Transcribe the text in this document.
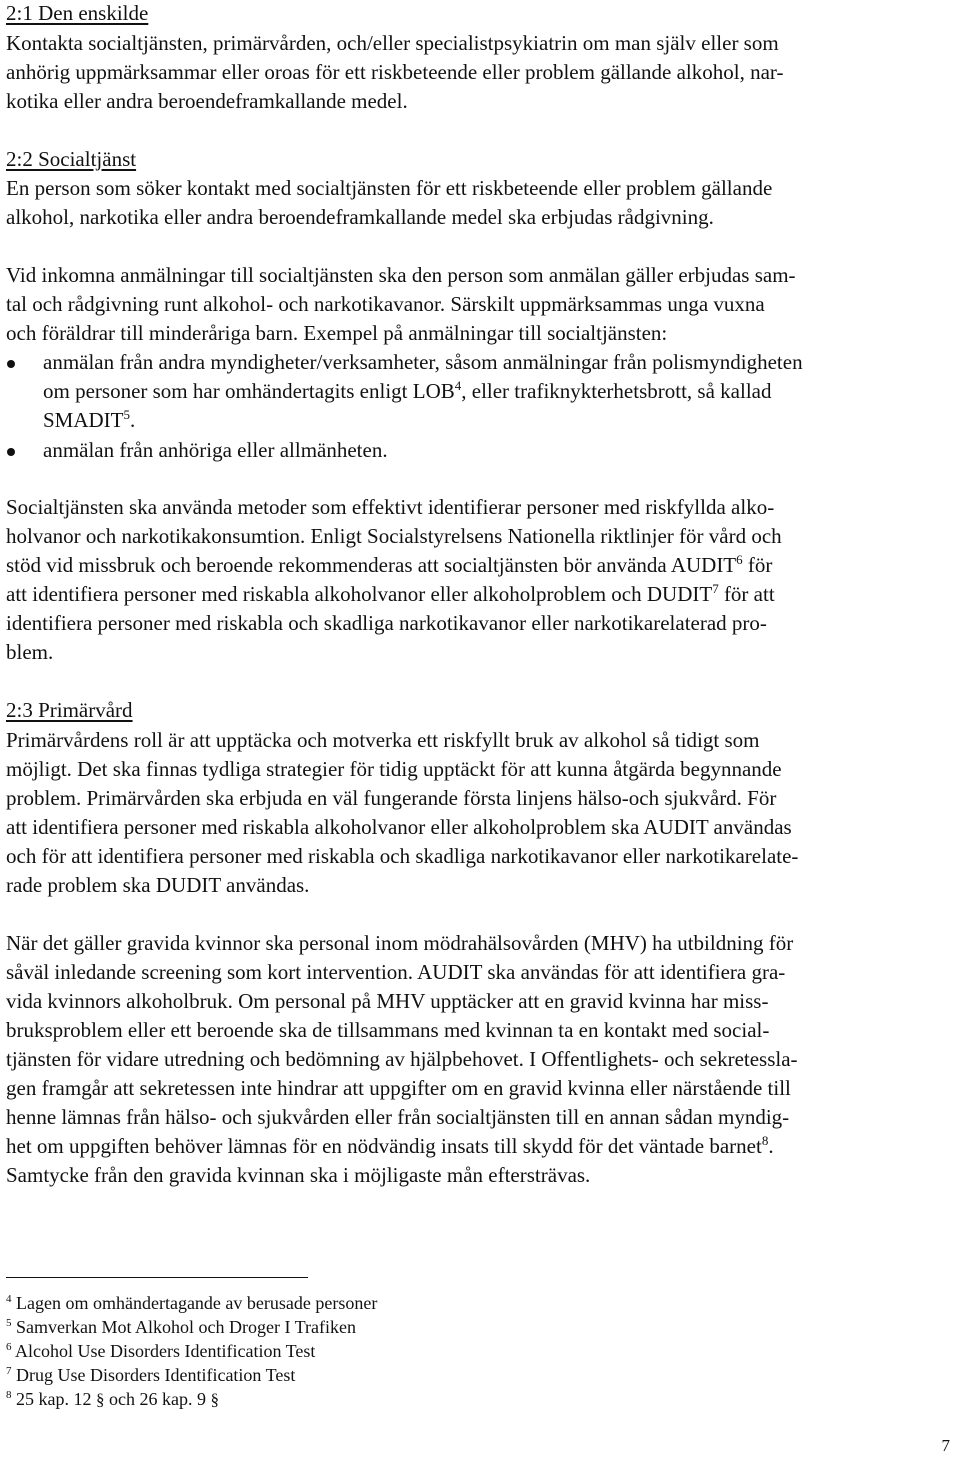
2:1 Den enskilde
Kontakta socialtjänsten, primärvården, och/eller specialistpsykiatrin om man själv eller som
anhörig uppmärksammar eller oroas för ett riskbeteende eller problem gällande alkohol, nar-
kotika eller andra beroendeframkallande medel.
2:2 Socialtjänst
En person som söker kontakt med socialtjänsten för ett riskbeteende eller problem gällande
alkohol, narkotika eller andra beroendeframkallande medel ska erbjudas rådgivning.
Vid inkomna anmälningar till socialtjänsten ska den person som anmälan gäller erbjudas sam-
tal och rådgivning runt alkohol- och narkotikavanor. Särskilt uppmärksammas unga vuxna
och föräldrar till minderåriga barn. Exempel på anmälningar till socialtjänsten:
anmälan från andra myndigheter/verksamheter, såsom anmälningar från polismyndigheten
om personer som har omhändertagits enligt LOB$^4$, eller trafiknykterhetsbrott, så kallad
SMADIT$^5$.
anmälan från anhöriga eller allmänheten.
Socialtjänsten ska använda metoder som effektivt identifierar personer med riskfyllda alko-
holvanor och narkotikakonsumtion. Enligt Socialstyrelsens Nationella riktlinjer för vård och
stöd vid missbruk och beroende rekommenderas att socialtjänsten bör använda AUDIT$^6$ för
att identifiera personer med riskabla alkoholvanor eller alkoholproblem och DUDIT$^7$ för att
identifiera personer med riskabla och skadliga narkotikavanor eller narkotikarelaterad pro-
blem.
2:3 Primärvård
Primärvårdens roll är att upptäcka och motverka ett riskfyllt bruk av alkohol så tidigt som
möjligt. Det ska finnas tydliga strategier för tidig upptäckt för att kunna åtgärda begynnande
problem. Primärvården ska erbjuda en väl fungerande första linjens hälso-och sjukvård. För
att identifiera personer med riskabla alkoholvanor eller alkoholproblem ska AUDIT användas
och för att identifiera personer med riskabla och skadliga narkotikavanor eller narkotikarelate-
rade problem ska DUDIT användas.
När det gäller gravida kvinnor ska personal inom mödrahälsovården (MHV) ha utbildning för
såväl inledande screening som kort intervention. AUDIT ska användas för att identifiera gra-
vida kvinnors alkoholbruk. Om personal på MHV upptäcker att en gravid kvinna har miss-
bruksproblem eller ett beroende ska de tillsammans med kvinnan ta en kontakt med social-
tjänsten för vidare utredning och bedömning av hjälpbehovet. I Offentlighets- och sekretessla-
gen framgår att sekretessen inte hindrar att uppgifter om en gravid kvinna eller närstående till
henne lämnas från hälso- och sjukvården eller från socialtjänsten till en annan sådan myndig-
het om uppgiften behöver lämnas för en nödvändig insats till skydd för det väntade barnet$^8$.
Samtycke från den gravida kvinnan ska i möjligaste mån eftersträvas.
$^4$ Lagen om omhändertagande av berusade personer
$^5$ Samverkan Mot Alkohol och Droger I Trafiken
$^6$ Alcohol Use Disorders Identification Test
$^7$ Drug Use Disorders Identification Test
$^8$ 25 kap. 12 § och 26 kap. 9 §
7
